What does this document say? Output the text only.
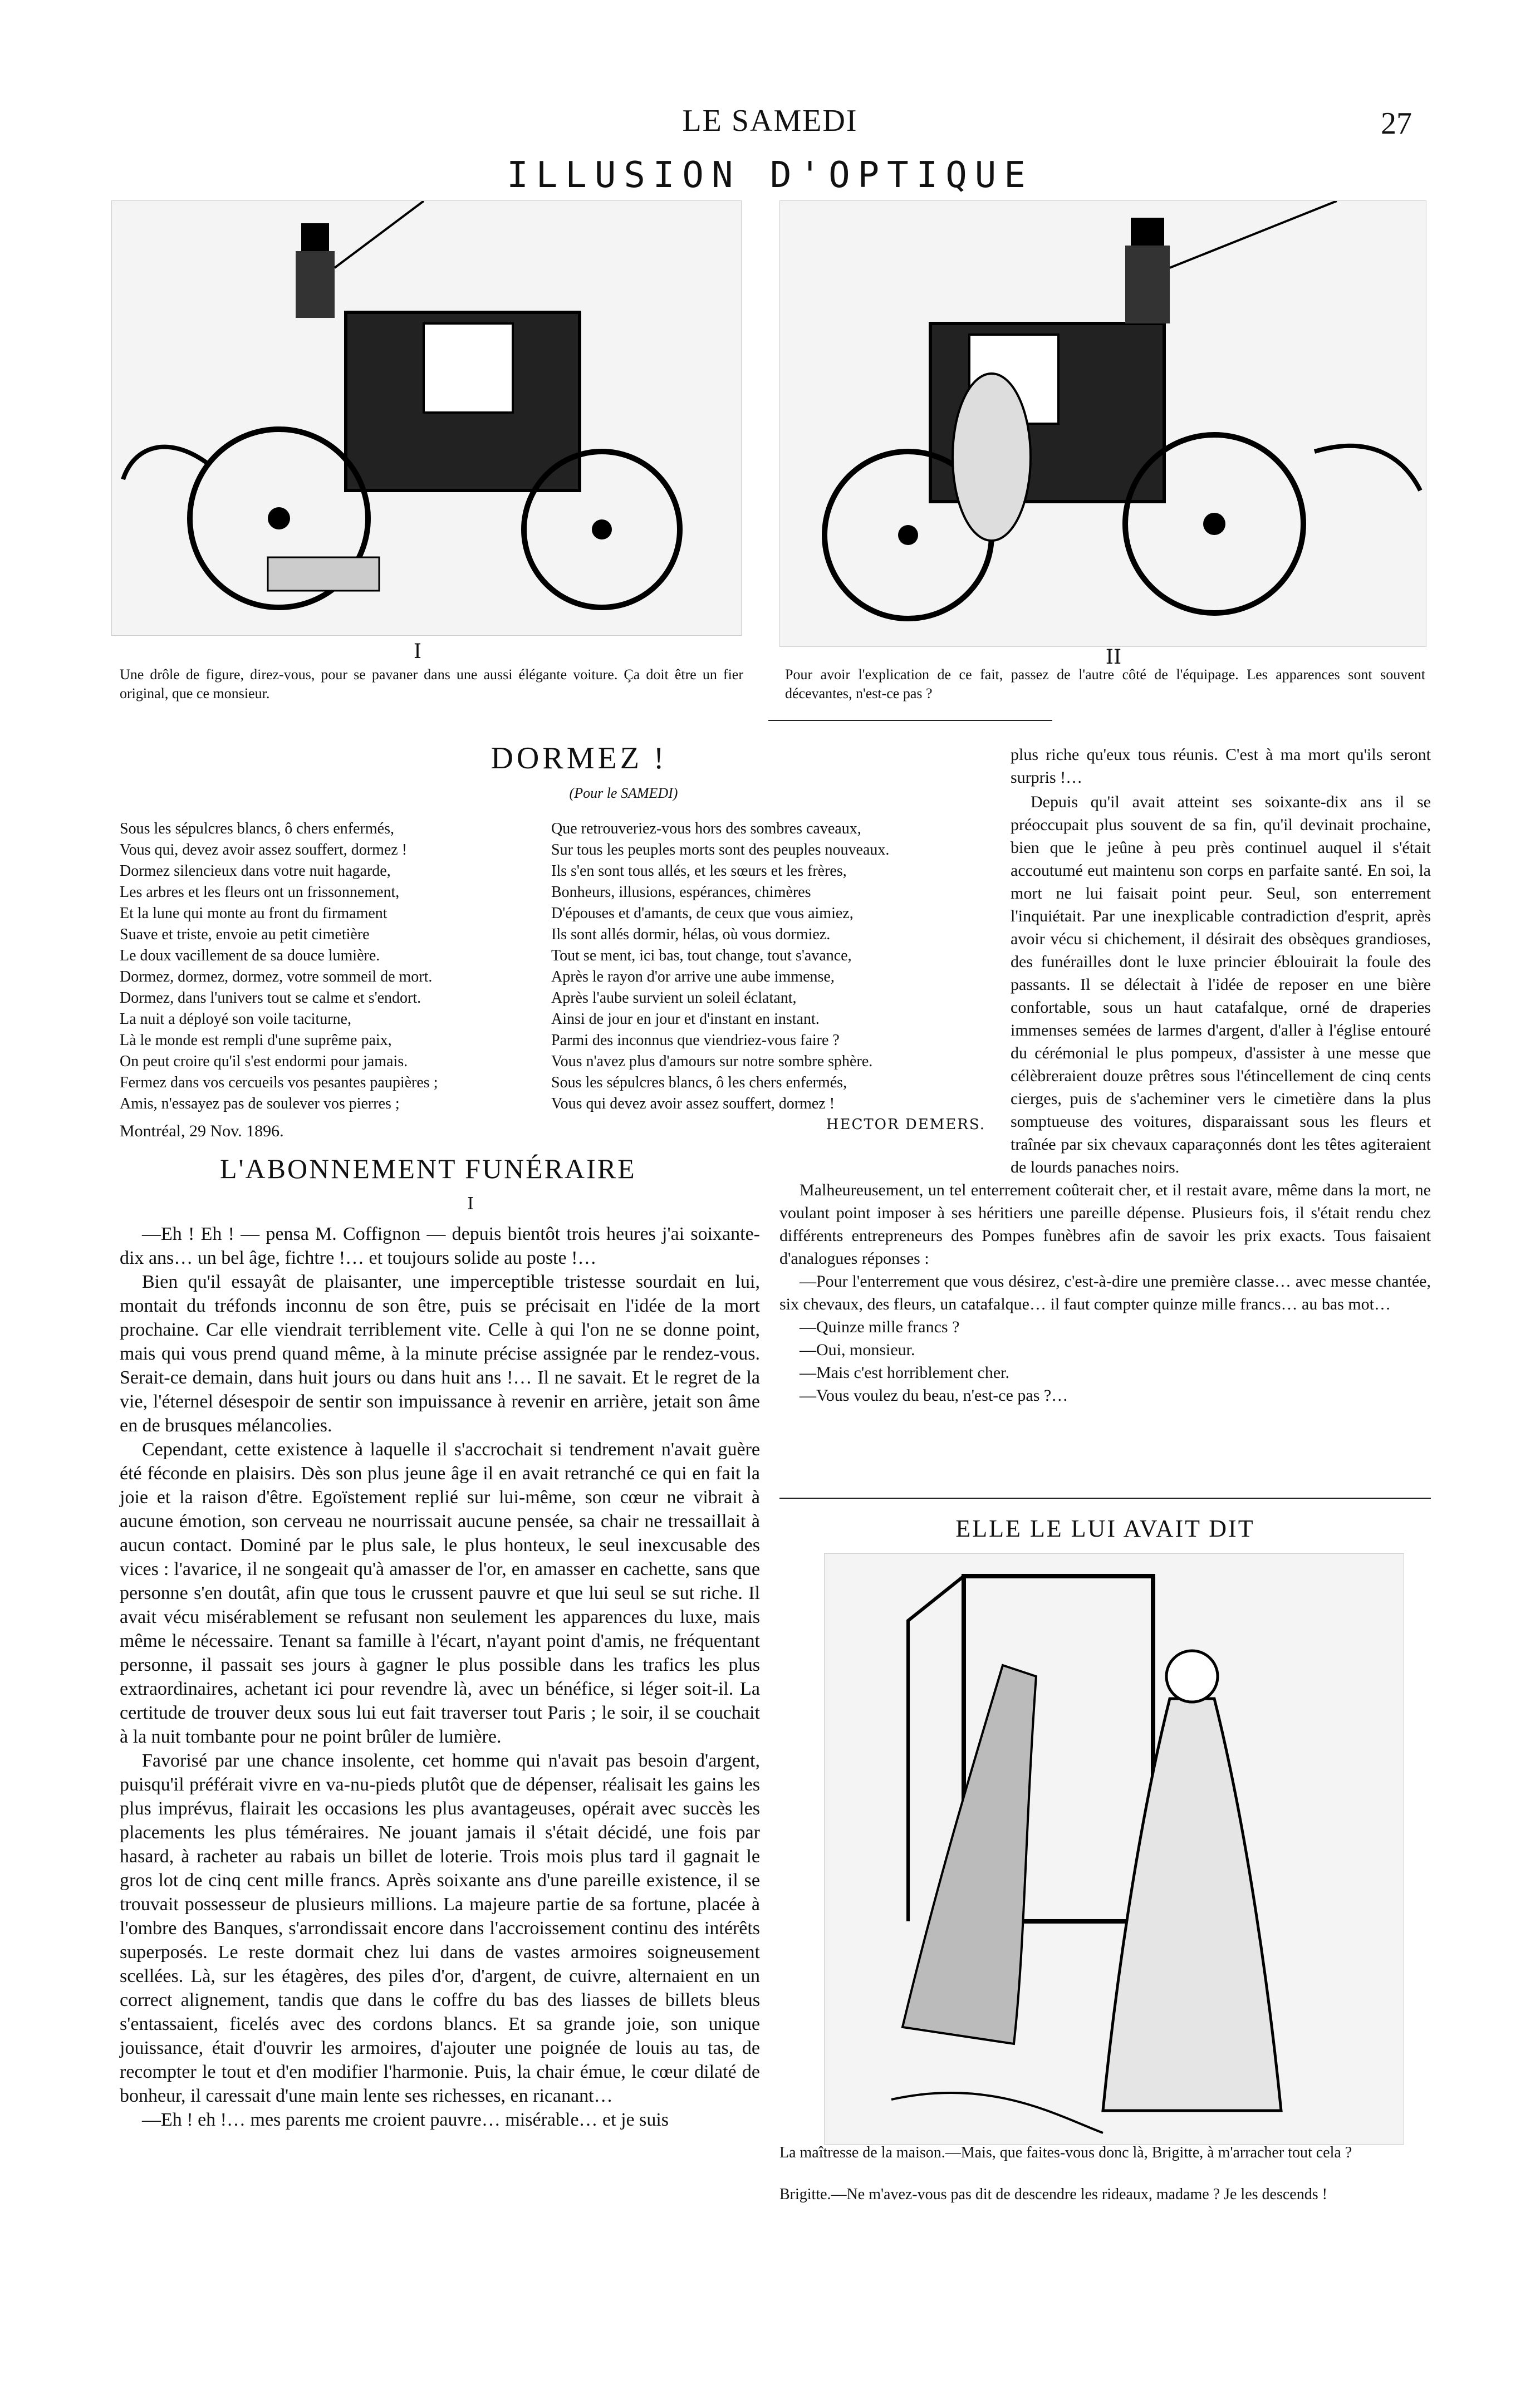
LE SAMEDI	27
ILLUSION D'OPTIQUE
I
Une drôle de figure, direz-vous, pour se pavaner dans une aussi élégante voiture. Ça doit être un fier original, que ce monsieur.
II
Pour avoir l'explication de ce fait, passez de l'autre côté de l'équipage. Les apparences sont souvent décevantes, n'est-ce pas ?
DORMEZ !
(Pour le SAMEDI)

Sous les sépulcres blancs, ô chers enfermés,

Vous qui, devez avoir assez souffert, dormez !

Dormez silencieux dans votre nuit hagarde,

Les arbres et les fleurs ont un frissonnement,

Et la lune qui monte au front du firmament

Suave et triste, envoie au petit cimetière

Le doux vacillement de sa douce lumière.

Dormez, dormez, dormez, votre sommeil de mort.

Dormez, dans l'univers tout se calme et s'endort.

La nuit a déployé son voile taciturne,

Là le monde est rempli d'une suprême paix,

On peut croire qu'il s'est endormi pour jamais.

Fermez dans vos cercueils vos pesantes paupières ;

Amis, n'essayez pas de soulever vos pierres ;

Montréal, 29 Nov. 1896.

Que retrouveriez-vous hors des sombres caveaux,

Sur tous les peuples morts sont des peuples nouveaux.

Ils s'en sont tous allés, et les sœurs et les frères,

Bonheurs, illusions, espérances, chimères

D'épouses et d'amants, de ceux que vous aimiez,

Ils sont allés dormir, hélas, où vous dormiez.

Tout se ment, ici bas, tout change, tout s'avance,

Après le rayon d'or arrive une aube immense,

Après l'aube survient un soleil éclatant,

Ainsi de jour en jour et d'instant en instant.

Parmi des inconnus que viendriez-vous faire ?

Vous n'avez plus d'amours sur notre sombre sphère.

Sous les sépulcres blancs, ô les chers enfermés,

Vous qui devez avoir assez souffert, dormez !

HECTOR DEMERS.
L'ABONNEMENT FUNÉRAIRE
I

—Eh ! Eh ! — pensa M. Coffignon — depuis bientôt trois heures j'ai soixante-dix ans… un bel âge, fichtre !… et toujours solide au poste !…

Bien qu'il essayât de plaisanter, une imperceptible tristesse sourdait en lui, montait du tréfonds inconnu de son être, puis se précisait en l'idée de la mort prochaine. Car elle viendrait terriblement vite. Celle à qui l'on ne se donne point, mais qui vous prend quand même, à la minute précise assignée par le rendez-vous. Serait-ce demain, dans huit jours ou dans huit ans !… Il ne savait. Et le regret de la vie, l'éternel désespoir de sentir son impuissance à revenir en arrière, jetait son âme en de brusques mélancolies.

Cependant, cette existence à laquelle il s'accrochait si tendrement n'avait guère été féconde en plaisirs. Dès son plus jeune âge il en avait retranché ce qui en fait la joie et la raison d'être. Egoïstement replié sur lui-même, son cœur ne vibrait à aucune émotion, son cerveau ne nourrissait aucune pensée, sa chair ne tressaillait à aucun contact. Dominé par le plus sale, le plus honteux, le seul inexcusable des vices : l'avarice, il ne songeait qu'à amasser de l'or, en amasser en cachette, sans que personne s'en doutât, afin que tous le crussent pauvre et que lui seul se sut riche. Il avait vécu misérablement se refusant non seulement les apparences du luxe, mais même le nécessaire. Tenant sa famille à l'écart, n'ayant point d'amis, ne fréquentant personne, il passait ses jours à gagner le plus possible dans les trafics les plus extraordinaires, achetant ici pour revendre là, avec un bénéfice, si léger soit-il. La certitude de trouver deux sous lui eut fait traverser tout Paris ; le soir, il se couchait à la nuit tombante pour ne point brûler de lumière.

Favorisé par une chance insolente, cet homme qui n'avait pas besoin d'argent, puisqu'il préférait vivre en va-nu-pieds plutôt que de dépenser, réalisait les gains les plus imprévus, flairait les occasions les plus avantageuses, opérait avec succès les placements les plus téméraires. Ne jouant jamais il s'était décidé, une fois par hasard, à racheter au rabais un billet de loterie. Trois mois plus tard il gagnait le gros lot de cinq cent mille francs. Après soixante ans d'une pareille existence, il se trouvait possesseur de plusieurs millions. La majeure partie de sa fortune, placée à l'ombre des Banques, s'arrondissait encore dans l'accroissement continu des intérêts superposés. Le reste dormait chez lui dans de vastes armoires soigneusement scellées. Là, sur les étagères, des piles d'or, d'argent, de cuivre, alternaient en un correct alignement, tandis que dans le coffre du bas des liasses de billets bleus s'entassaient, ficelés avec des cordons blancs. Et sa grande joie, son unique jouissance, était d'ouvrir les armoires, d'ajouter une poignée de louis au tas, de recompter le tout et d'en modifier l'harmonie. Puis, la chair émue, le cœur dilaté de bonheur, il caressait d'une main lente ses richesses, en ricanant…

—Eh ! eh !… mes parents me croient pauvre… misérable… et je suis

plus riche qu'eux tous réunis. C'est à ma mort qu'ils seront surpris !…

Depuis qu'il avait atteint ses soixante-dix ans il se préoccupait plus souvent de sa fin, qu'il devinait prochaine, bien que le jeûne à peu près continuel auquel il s'était accoutumé eut maintenu son corps en parfaite santé. En soi, la mort ne lui faisait point peur. Seul, son enterrement l'inquiétait. Par une inexplicable contradiction d'esprit, après avoir vécu si chichement, il désirait des obsèques grandioses, des funérailles dont le luxe princier éblouirait la foule des passants. Il se délectait à l'idée de reposer en une bière confortable, sous un haut catafalque, orné de draperies immenses semées de larmes d'argent, d'aller à l'église entouré du cérémonial le plus pompeux, d'assister à une messe que célèbreraient douze prêtres sous l'étincellement de cinq cents cierges, puis de s'acheminer vers le cimetière dans la plus somptueuse des voitures, disparaissant sous les fleurs et traînée par six chevaux caparaçonnés dont les têtes agiteraient de lourds panaches noirs.

Malheureusement, un tel enterrement coûterait cher, et il restait avare, même dans la mort, ne voulant point imposer à ses héritiers une pareille dépense. Plusieurs fois, il s'était rendu chez différents entrepreneurs des Pompes funèbres afin de savoir les prix exacts. Tous faisaient d'analogues réponses :

—Pour l'enterrement que vous désirez, c'est-à-dire une première classe… avec messe chantée, six chevaux, des fleurs, un catafalque… il faut compter quinze mille francs… au bas mot…

—Quinze mille francs ?

—Oui, monsieur.

—Mais c'est horriblement cher.

—Vous voulez du beau, n'est-ce pas ?…

ELLE LE LUI AVAIT DIT
La maîtresse de la maison.—Mais, que faites-vous donc là, Brigitte, à m'arracher tout cela ?
Brigitte.—Ne m'avez-vous pas dit de descendre les rideaux, madame ? Je les descends !
